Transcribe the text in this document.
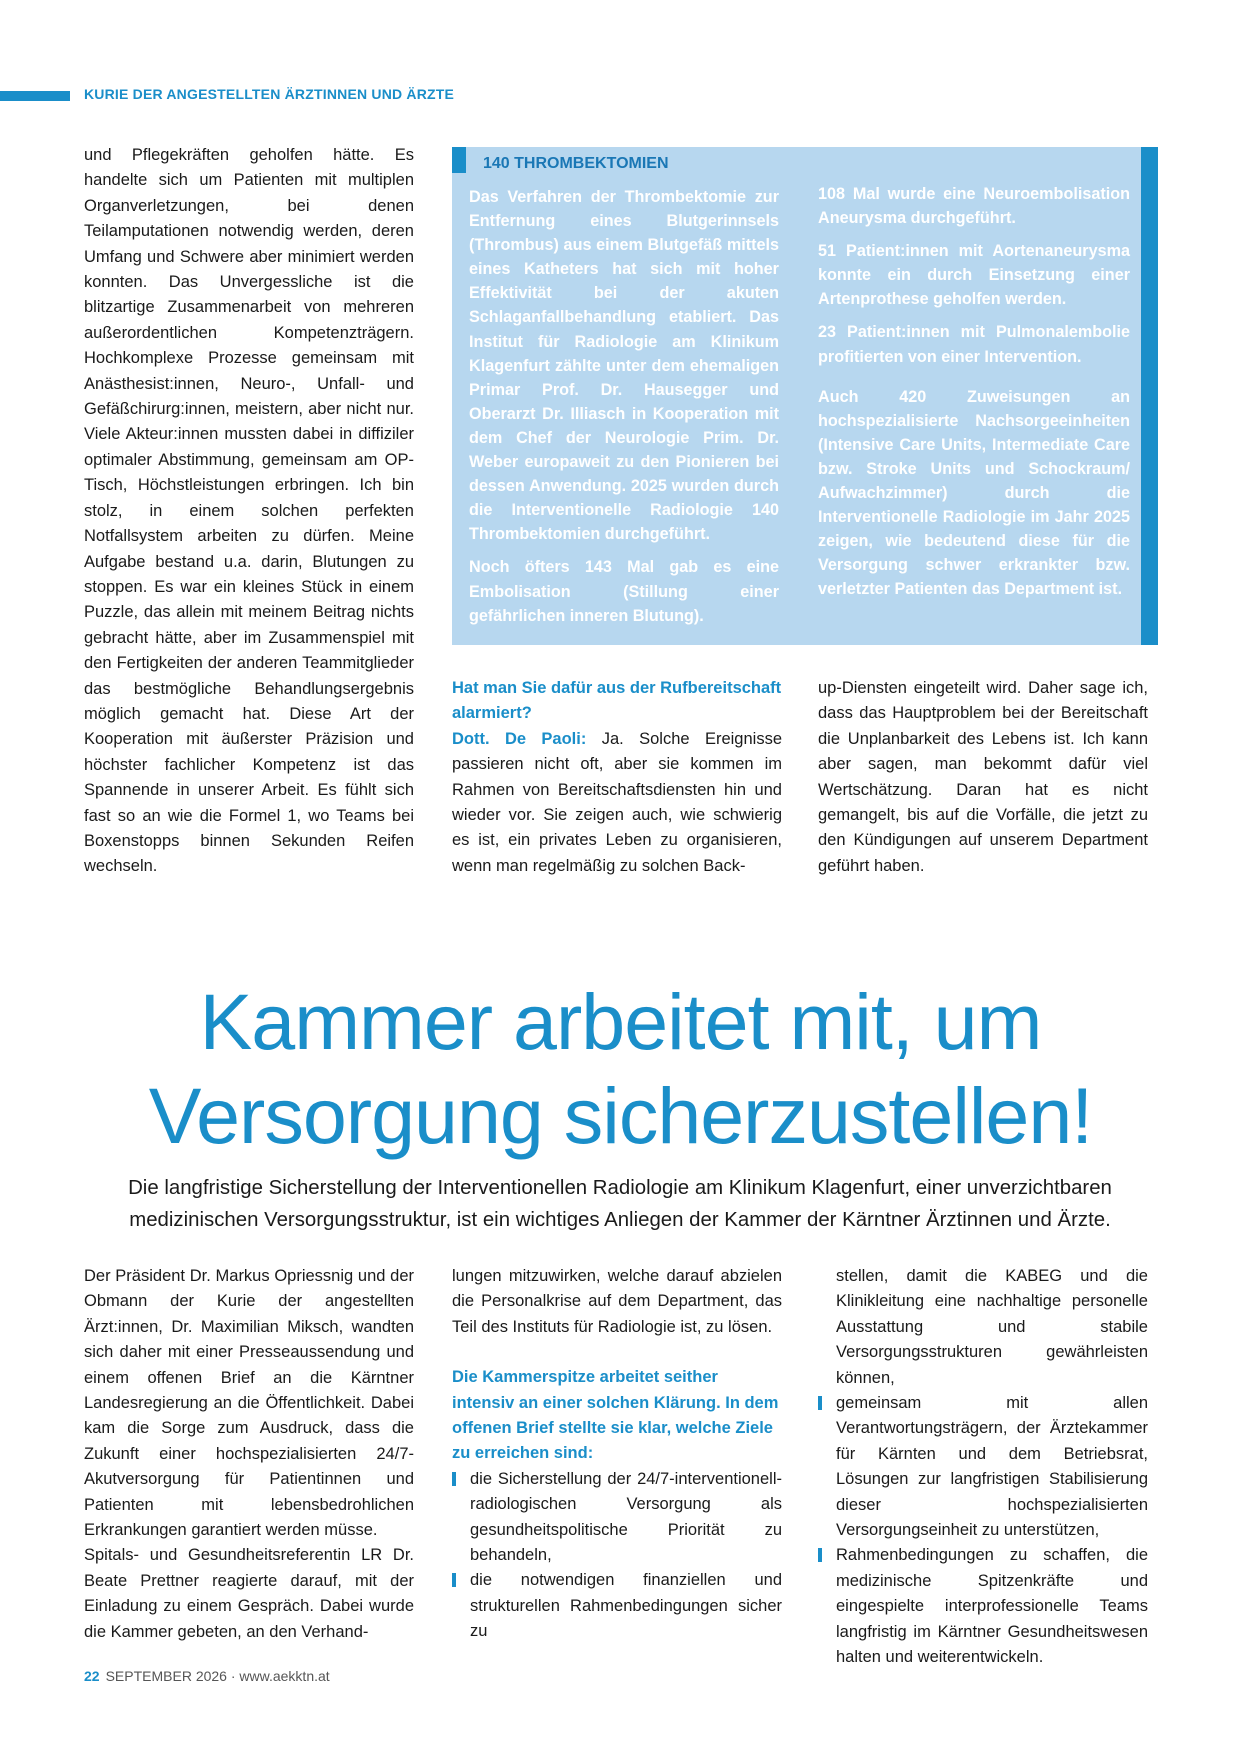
KURIE DER ANGESTELLTEN ÄRZTINNEN UND ÄRZTE

und Pflegekräften geholfen hätte. Es handelte sich um Patienten mit multiplen Organverletzungen, bei denen Teilamputationen notwendig werden, deren Umfang und Schwere aber minimiert werden konnten. Das Unvergessliche ist die blitzartige Zusammenarbeit von mehreren außerordentlichen Kompetenzträgern. Hochkomplexe Prozesse gemeinsam mit Anästhesist:innen, Neuro-, Unfall- und Gefäßchirurg:innen, meistern, aber nicht nur. Viele Akteur:innen mussten dabei in diffiziler optimaler Abstimmung, gemeinsam am OP-Tisch, Höchstleistungen erbringen. Ich bin stolz, in einem solchen perfekten Notfallsystem arbeiten zu dürfen. Meine Aufgabe bestand u.a. darin, Blutungen zu stoppen. Es war ein kleines Stück in einem Puzzle, das allein mit meinem Beitrag nichts gebracht hätte, aber im Zusammenspiel mit den Fertigkeiten der anderen Teammitglieder das bestmögliche Behandlungsergebnis möglich gemacht hat. Diese Art der Kooperation mit äußerster Präzision und höchster fachlicher Kompetenz ist das Spannende in unserer Arbeit. Es fühlt sich fast so an wie die Formel 1, wo Teams bei Boxenstopps binnen Sekunden Reifen wechseln.

140 THROMBEKTOMIEN

Das Verfahren der Thrombektomie zur Entfernung eines Blutgerinnsels (Thrombus) aus einem Blutgefäß mittels eines Katheters hat sich mit hoher Effektivität bei der akuten Schlaganfallbehandlung etabliert. Das Institut für Radiologie am Klinikum Klagenfurt zählte unter dem ehemaligen Primar Prof. Dr. Hausegger und Oberarzt Dr. Illiasch in Kooperation mit dem Chef der Neurologie Prim. Dr. Weber europaweit zu den Pionieren bei dessen Anwendung. 2025 wurden durch die Interventionelle Radiologie 140 Thrombektomien durchgeführt.

Noch öfters 143 Mal gab es eine Embolisation (Stillung einer gefährlichen inneren Blutung).

108 Mal wurde eine Neuroembolisation Aneurysma durchgeführt.

51 Patient:innen mit Aortenaneurysma konnte ein durch Einsetzung einer Artenprothese geholfen werden.

23 Patient:innen mit Pulmonalembolie profitierten von einer Intervention.

Auch 420 Zuweisungen an hochspezialisierte Nachsorgeeinheiten (Intensive Care Units, Intermediate Care bzw. Stroke Units und Schockraum/ Aufwachzimmer) durch die Interventionelle Radiologie im Jahr 2025 zeigen, wie bedeutend diese für die Versorgung schwer erkrankter bzw. verletzter Patienten das Department ist.

Hat man Sie dafür aus der Rufbereitschaft alarmiert?

Dott. De Paoli: Ja. Solche Ereignisse passieren nicht oft, aber sie kommen im Rahmen von Bereitschaftsdiensten hin und wieder vor. Sie zeigen auch, wie schwierig es ist, ein privates Leben zu organisieren, wenn man regelmäßig zu solchen Back-

up-Diensten eingeteilt wird. Daher sage ich, dass das Hauptproblem bei der Bereitschaft die Unplanbarkeit des Lebens ist. Ich kann aber sagen, man bekommt dafür viel Wertschätzung. Daran hat es nicht gemangelt, bis auf die Vorfälle, die jetzt zu den Kündigungen auf unserem Department geführt haben.

Kammer arbeitet mit, um
Versorgung sicherzustellen!
Die langfristige Sicherstellung der Interventionellen Radiologie am Klinikum Klagenfurt, einer unverzichtbaren medizinischen Versorgungsstruktur, ist ein wichtiges Anliegen der Kammer der Kärntner Ärztinnen und Ärzte.

Der Präsident Dr. Markus Opriessnig und der Obmann der Kurie der angestellten Ärzt:innen, Dr. Maximilian Miksch, wandten sich daher mit einer Presseaussendung und einem offenen Brief an die Kärntner Landesregierung an die Öffentlichkeit. Dabei kam die Sorge zum Ausdruck, dass die Zukunft einer hochspezialisierten 24/7-Akutversorgung für Patientinnen und Patienten mit lebensbedrohlichen Erkrankungen garantiert werden müsse.

Spitals- und Gesundheitsreferentin LR Dr. Beate Prettner reagierte darauf, mit der Einladung zu einem Gespräch. Dabei wurde die Kammer gebeten, an den Verhand-

lungen mitzuwirken, welche darauf abzielen die Personalkrise auf dem Department, das Teil des Instituts für Radiologie ist, zu lösen.

Die Kammerspitze arbeitet seither intensiv an einer solchen Klärung. In dem offenen Brief stellte sie klar, welche Ziele zu erreichen sind:

die Sicherstellung der 24/7-interventionell-radiologischen Versorgung als gesundheitspolitische Priorität zu behandeln,
die notwendigen finanziellen und strukturellen Rahmenbedingungen sicher zu

stellen, damit die KABEG und die Klinikleitung eine nachhaltige personelle Ausstattung und stabile Versorgungsstrukturen gewährleisten können,

gemeinsam mit allen Verantwortungsträgern, der Ärztekammer für Kärnten und dem Betriebsrat, Lösungen zur langfristigen Stabilisierung dieser hochspezialisierten Versorgungseinheit zu unterstützen,
Rahmenbedingungen zu schaffen, die medizinische Spitzenkräfte und eingespielte interprofessionelle Teams langfristig im Kärntner Gesundheitswesen halten und weiterentwickeln.
22 SEPTEMBER 2026 · www.aekktn.at
